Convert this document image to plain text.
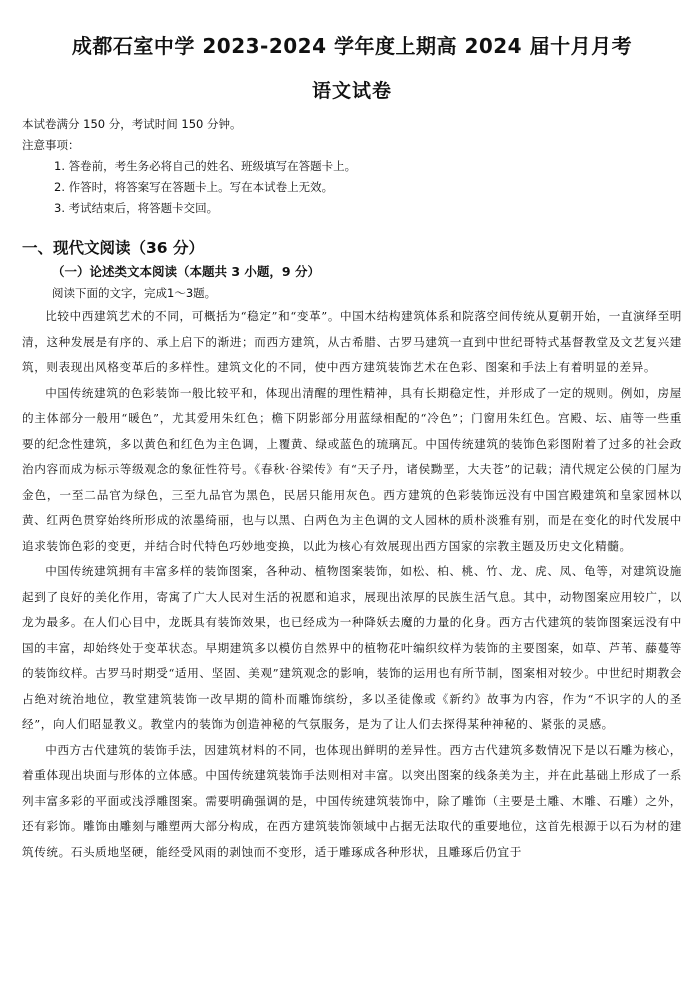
成都石室中学 2023-2024 学年度上期高 2024 届十月月考
语文试卷

本试卷满分 150 分，考试时间 150 分钟。

注意事项：

1. 答卷前，考生务必将自己的姓名、班级填写在答题卡上。
2. 作答时，将答案写在答题卡上。写在本试卷上无效。
3. 考试结束后，将答题卡交回。
一、现代文阅读（36 分）
（一）论述类文本阅读（本题共 3 小题，9 分）
阅读下面的文字，完成1～3题。

比较中西建筑艺术的不同，可概括为“稳定”和“变革”。中国木结构建筑体系和院落空间传统从夏朝开始，一直演绎至明清，这种发展是有序的、承上启下的渐进；而西方建筑，从古希腊、古罗马建筑一直到中世纪哥特式基督教堂及文艺复兴建筑，则表现出风格变革后的多样性。建筑文化的不同，使中西方建筑装饰艺术在色彩、图案和手法上有着明显的差异。

中国传统建筑的色彩装饰一般比较平和，体现出清醒的理性精神，具有长期稳定性，并形成了一定的规则。例如，房屋的主体部分一般用“暖色”，尤其爱用朱红色；檐下阴影部分用蓝绿相配的“冷色”；门窗用朱红色。宫殿、坛、庙等一些重要的纪念性建筑，多以黄色和红色为主色调，上覆黄、绿或蓝色的琉璃瓦。中国传统建筑的装饰色彩图附着了过多的社会政治内容而成为标示等级观念的象征性符号。《春秋·谷梁传》有“天子丹，诸侯黝垩，大夫苍”的记载；清代规定公侯的门屋为金色，一至二品官为绿色，三至九品官为黑色，民居只能用灰色。西方建筑的色彩装饰远没有中国宫殿建筑和皇家园林以黄、红两色贯穿始终所形成的浓墨绮丽，也与以黑、白两色为主色调的文人园林的质朴淡雅有别，而是在变化的时代发展中追求装饰色彩的变更，并结合时代特色巧妙地变换，以此为核心有效展现出西方国家的宗教主题及历史文化精髓。

中国传统建筑拥有丰富多样的装饰图案，各种动、植物图案装饰，如松、柏、桃、竹、龙、虎、凤、龟等，对建筑设施起到了良好的美化作用，寄寓了广大人民对生活的祝愿和追求，展现出浓厚的民族生活气息。其中，动物图案应用较广，以龙为最多。在人们心目中，龙既具有装饰效果，也已经成为一种降妖去魔的力量的化身。西方古代建筑的装饰图案远没有中国的丰富，却始终处于变革状态。早期建筑多以模仿自然界中的植物花叶编织纹样为装饰的主要图案，如草、芦苇、藤蔓等的装饰纹样。古罗马时期受“适用、坚固、美观”建筑观念的影响，装饰的运用也有所节制，图案相对较少。中世纪时期教会占绝对统治地位，教堂建筑装饰一改早期的简朴而雕饰缤纷，多以圣徒像或《新约》故事为内容，作为“不识字的人的圣经”，向人们昭显教义。教堂内的装饰为创造神秘的气氛服务，是为了让人们去探得某种神秘的、紧张的灵感。

中西方古代建筑的装饰手法，因建筑材料的不同，也体现出鲜明的差异性。西方古代建筑多数情况下是以石雕为核心，着重体现出块面与形体的立体感。中国传统建筑装饰手法则相对丰富。以突出图案的线条美为主，并在此基础上形成了一系列丰富多彩的平面或浅浮雕图案。需要明确强调的是，中国传统建筑装饰中，除了雕饰（主要是土雕、木雕、石雕）之外，还有彩饰。雕饰由雕刻与雕塑两大部分构成，在西方建筑装饰领域中占据无法取代的重要地位，这首先根源于以石为材的建筑传统。石头质地坚硬，能经受风雨的剥蚀而不变形，适于雕琢成各种形状，且雕琢后仍宜于
